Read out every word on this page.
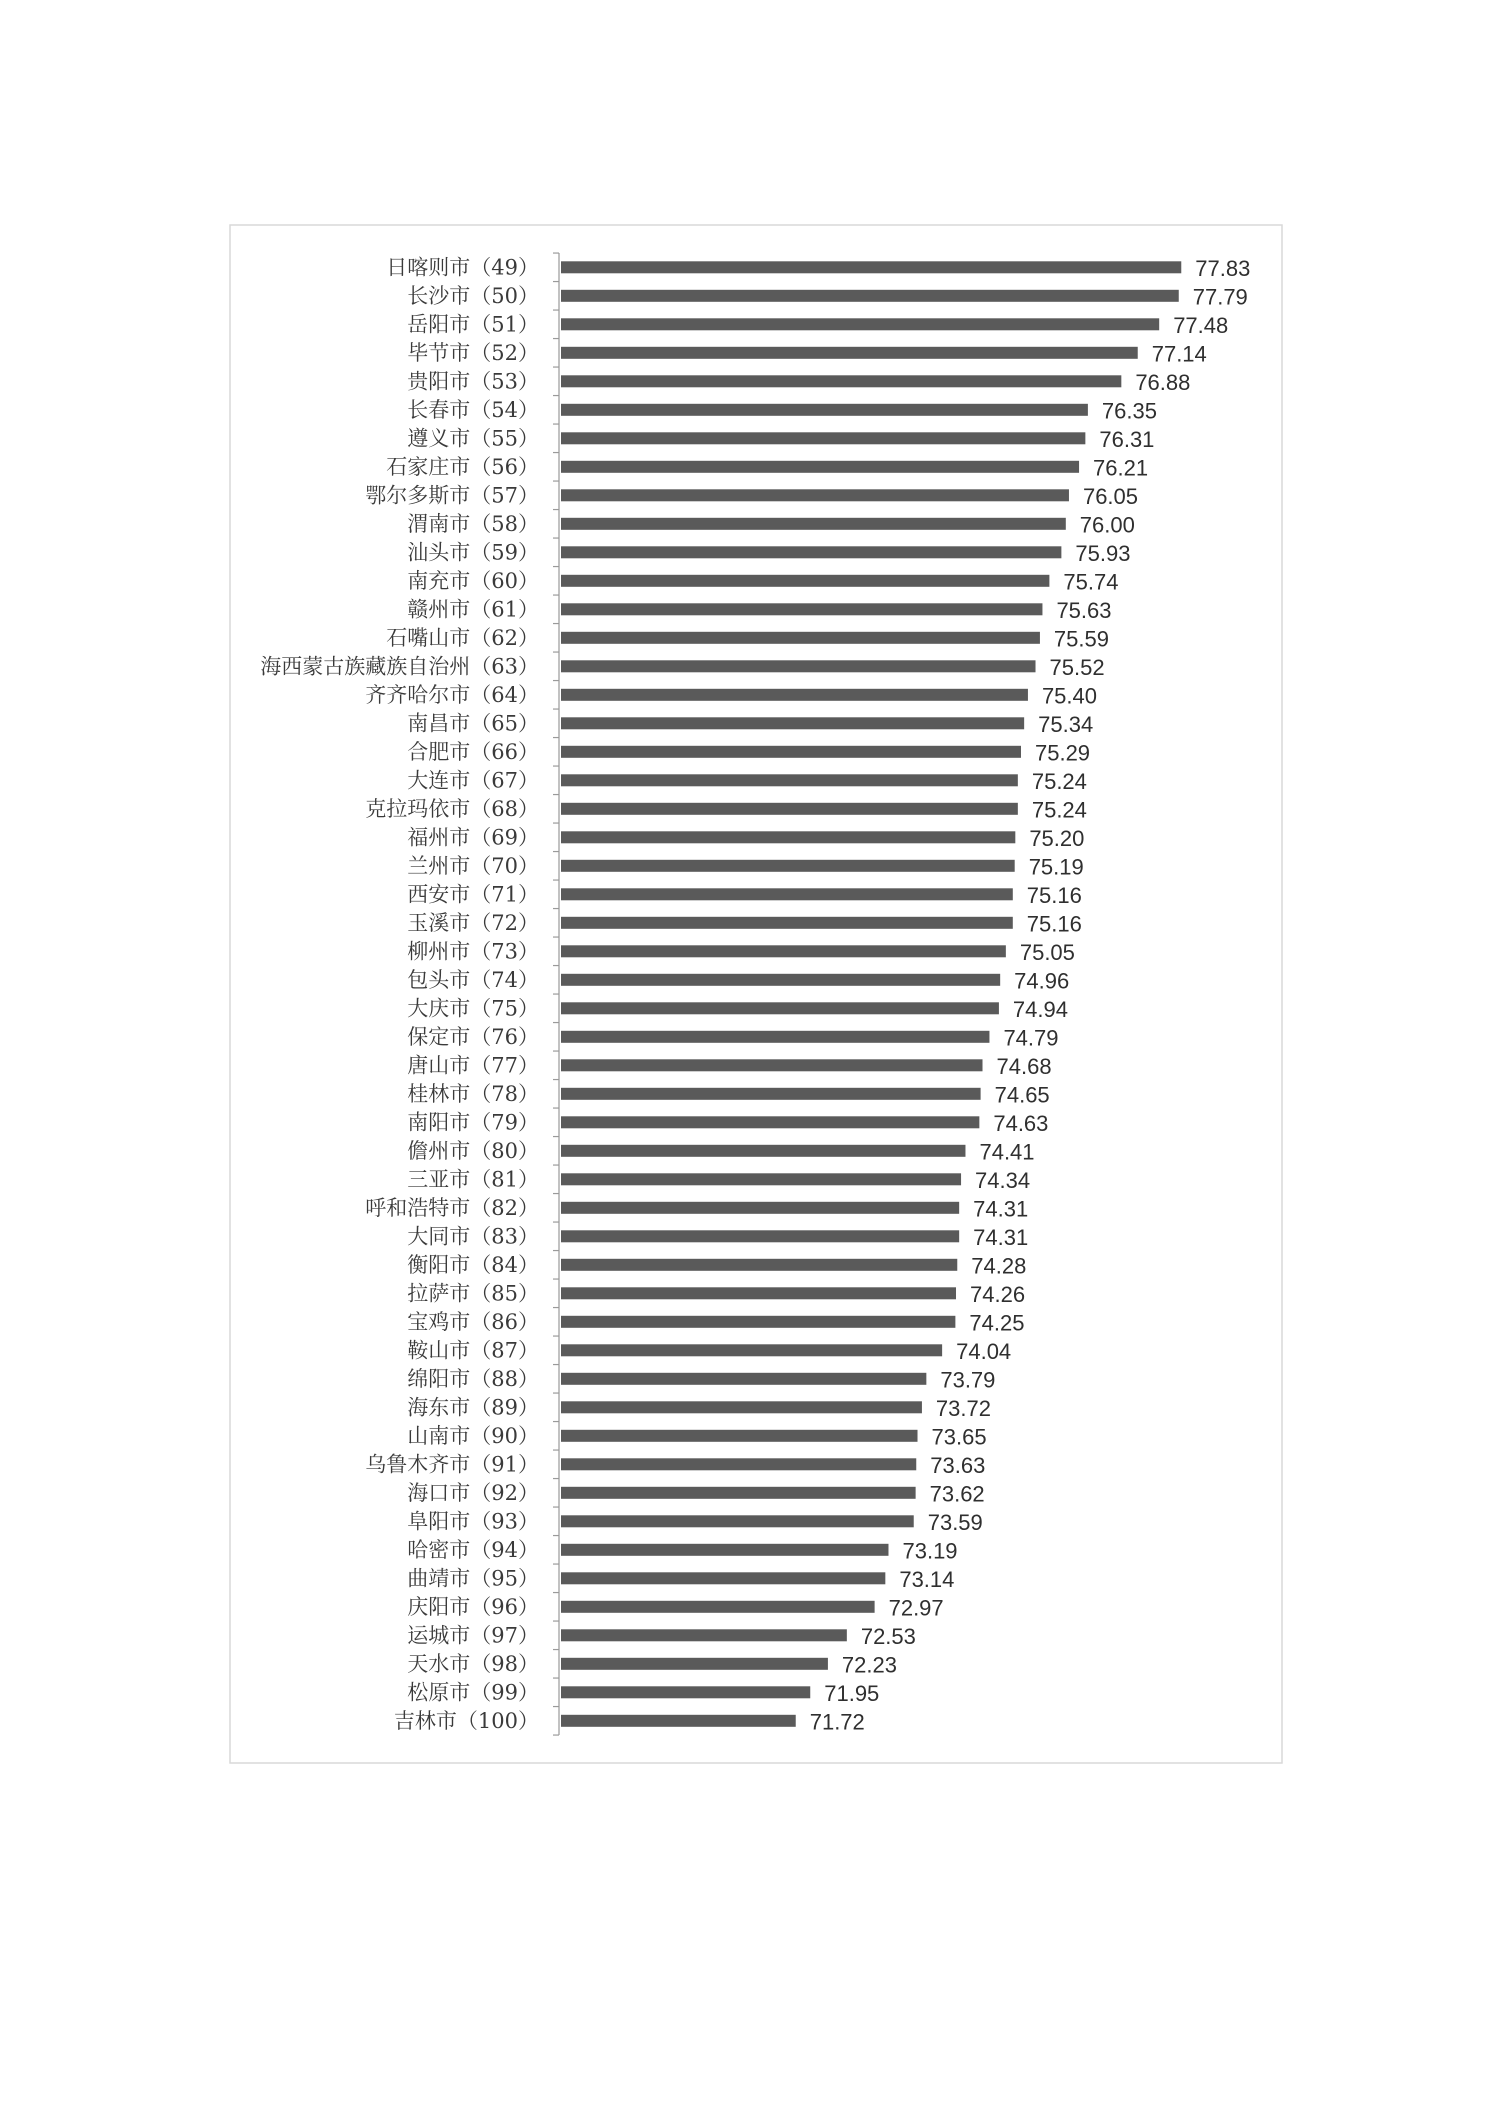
日喀则市（49）
长沙市（50）
岳阳市（51）
毕节市（52）
贵阳市（53）
长春市（54）
遵义市（55）
石家庄市（56）
鄂尔多斯市（57）
渭南市（58）
汕头市（59）
南充市（60）
赣州市（61）
石嘴山市（62）
海西蒙古族藏族自治州（63）
齐齐哈尔市（64）
南昌市（65）
合肥市（66）
大连市（67）
克拉玛依市（68）
福州市（69）
兰州市（70）
西安市（71）
玉溪市（72）
柳州市（73）
包头市（74）
大庆市（75）
保定市（76）
唐山市（77）
桂林市（78）
南阳市（79）
儋州市（80）
三亚市（81）
呼和浩特市（82）
大同市（83）
衡阳市（84）
拉萨市（85）
宝鸡市（86）
鞍山市（87）
绵阳市（88）
海东市（89）
山南市（90）
乌鲁木齐市（91）
海口市（92）
阜阳市（93）
哈密市（94）
曲靖市（95）
庆阳市（96）
运城市（97）
天水市（98）
松原市（99）
吉林市（100）
77.83
77.79
77.48
77.14
76.88
76.35
76.31
76.21
76.05
76.00
75.93
75.74
75.63
75.59
75.52
75.40
75.34
75.29
75.24
75.24
75.20
75.19
75.16
75.16
75.05
74.96
74.94
74.79
74.68
74.65
74.63
74.41
74.34
74.31
74.31
74.28
74.26
74.25
74.04
73.79
73.72
73.65
73.63
73.62
73.59
73.19
73.14
72.97
72.53
72.23
71.95
71.72
